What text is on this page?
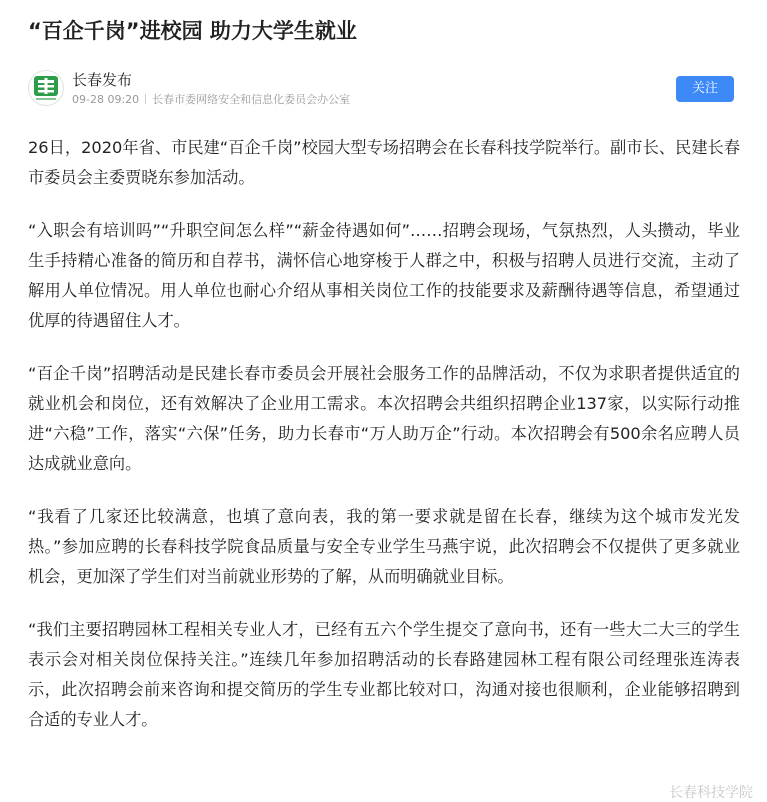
“百企千岗”进校园 助力大学生就业
长春发布
09-28 09:20 长春市委网络安全和信息化委员会办公室
关注

26日，2020年省、市民建“百企千岗”校园大型专场招聘会在长春科技学院举行。副市长、民建长春市委员会主委贾晓东参加活动。

“入职会有培训吗”“升职空间怎么样”“薪金待遇如何”……招聘会现场，气氛热烈，人头攒动，毕业生手持精心准备的简历和自荐书，满怀信心地穿梭于人群之中，积极与招聘人员进行交流，主动了解用人单位情况。用人单位也耐心介绍从事相关岗位工作的技能要求及薪酬待遇等信息，希望通过优厚的待遇留住人才。

“百企千岗”招聘活动是民建长春市委员会开展社会服务工作的品牌活动，不仅为求职者提供适宜的就业机会和岗位，还有效解决了企业用工需求。本次招聘会共组织招聘企业137家，以实际行动推进“六稳”工作，落实“六保”任务，助力长春市“万人助万企”行动。本次招聘会有500余名应聘人员达成就业意向。

“我看了几家还比较满意，也填了意向表，我的第一要求就是留在长春，继续为这个城市发光发热。”参加应聘的长春科技学院食品质量与安全专业学生马燕宇说，此次招聘会不仅提供了更多就业机会，更加深了学生们对当前就业形势的了解，从而明确就业目标。

“我们主要招聘园林工程相关专业人才，已经有五六个学生提交了意向书，还有一些大二大三的学生表示会对相关岗位保持关注。”连续几年参加招聘活动的长春路建园林工程有限公司经理张连涛表示，此次招聘会前来咨询和提交简历的学生专业都比较对口，沟通对接也很顺利，企业能够招聘到合适的专业人才。

长春科技学院
